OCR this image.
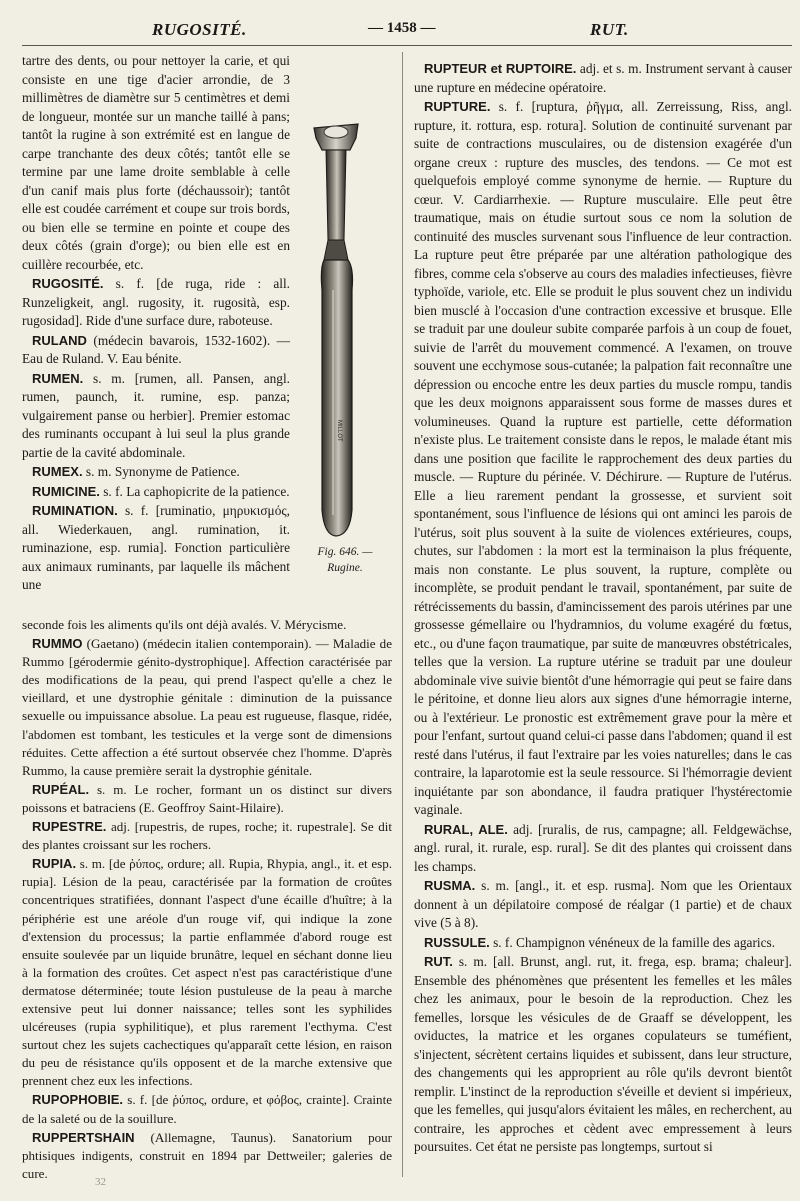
RUGOSITÉ.	— 1458 —	RUT.

tartre des dents, ou pour nettoyer la carie, et qui consiste en une tige d'acier arrondie, de 3 millimètres de diamètre sur 5 centimètres et demi de longueur, montée sur un manche taillé à pans; tantôt la rugine à son extrémité est en langue de carpe tranchante des deux côtés; tantôt elle se termine par une lame droite semblable à celle d'un canif mais plus forte (déchaussoir); tantôt elle est coudée carrément et coupe sur trois bords, ou bien elle se termine en pointe et coupe des deux côtés (grain d'orge); ou bien elle est en cuillère recourbée, etc.

RUGOSITÉ. s. f. [de ruga, ride : all. Runzeligkeit, angl. rugosity, it. rugosità, esp. rugosidad]. Ride d'une surface dure, raboteuse.

RULAND (médecin bavarois, 1532-1602). — Eau de Ruland. V. Eau bénite.

RUMEN. s. m. [rumen, all. Pansen, angl. rumen, paunch, it. rumine, esp. panza; vulgairement panse ou herbier]. Premier estomac des ruminants occupant à lui seul la plus grande partie de la cavité abdominale.

RUMEX. s. m. Synonyme de Patience.

RUMICINE. s. f. La caphopicrite de la patience.

RUMINATION. s. f. [ruminatio, μηρυκισμός, all. Wiederkauen, angl. rumination, it. ruminazione, esp. rumia]. Fonction particulière aux animaux ruminants, par laquelle ils mâchent une

MILLOT
Fig. 646. — Rugine.

seconde fois les aliments qu'ils ont déjà avalés. V. Mérycisme.

RUMMO (Gaetano) (médecin italien contemporain). — Maladie de Rummo [gérodermie génito-dystrophique]. Affection caractérisée par des modifications de la peau, qui prend l'aspect qu'elle a chez le vieillard, et une dystrophie génitale : diminution de la puissance sexuelle ou impuissance absolue. La peau est rugueuse, flasque, ridée, l'abdomen est tombant, les testicules et la verge sont de dimensions réduites. Cette affection a été surtout observée chez l'homme. D'après Rummo, la cause première serait la dystrophie génitale.

RUPÉAL. s. m. Le rocher, formant un os distinct sur divers poissons et batraciens (E. Geoffroy Saint-Hilaire).

RUPESTRE. adj. [rupestris, de rupes, roche; it. rupestrale]. Se dit des plantes croissant sur les rochers.

RUPIA. s. m. [de ῥύπος, ordure; all. Rupia, Rhypia, angl., it. et esp. rupia]. Lésion de la peau, caractérisée par la formation de croûtes concentriques stratifiées, donnant l'aspect d'une écaille d'huître; à la périphérie est une aréole d'un rouge vif, qui indique la zone d'extension du processus; la partie enflammée d'abord rouge est ensuite soulevée par un liquide brunâtre, lequel en séchant donne lieu à la formation des croûtes. Cet aspect n'est pas caractéristique d'une dermatose déterminée; toute lésion pustuleuse de la peau à marche extensive peut lui donner naissance; telles sont les syphilides ulcéreuses (rupia syphilitique), et plus rarement l'ecthyma. C'est surtout chez les sujets cachectiques qu'apparaît cette lésion, en raison du peu de résistance qu'ils opposent et de la marche extensive que prennent chez eux les infections.

RUPOPHOBIE. s. f. [de ῥύπος, ordure, et φόβος, crainte]. Crainte de la saleté ou de la souillure.

RUPPERTSHAIN (Allemagne, Taunus). Sanatorium pour phtisiques indigents, construit en 1894 par Dettweiler; galeries de cure.

RUPTEUR et RUPTOIRE. adj. et s. m. Instrument servant à causer une rupture en médecine opératoire.

RUPTURE. s. f. [ruptura, ῥῆγμα, all. Zerreissung, Riss, angl. rupture, it. rottura, esp. rotura]. Solution de continuité survenant par suite de contractions musculaires, ou de distension exagérée d'un organe creux : rupture des muscles, des tendons. — Ce mot est quelquefois employé comme synonyme de hernie. — Rupture du cœur. V. Cardiarrhexie. — Rupture musculaire. Elle peut être traumatique, mais on étudie surtout sous ce nom la solution de continuité des muscles survenant sous l'influence de leur contraction. La rupture peut être préparée par une altération pathologique des fibres, comme cela s'observe au cours des maladies infectieuses, fièvre typhoïde, variole, etc. Elle se produit le plus souvent chez un individu bien musclé à l'occasion d'une contraction excessive et brusque. Elle se traduit par une douleur subite comparée parfois à un coup de fouet, suivie de l'arrêt du mouvement commencé. A l'examen, on trouve souvent une ecchymose sous-cutanée; la palpation fait reconnaître une dépression ou encoche entre les deux parties du muscle rompu, tandis que les deux moignons apparaissent sous forme de masses dures et volumineuses. Quand la rupture est partielle, cette déformation n'existe plus. Le traitement consiste dans le repos, le malade étant mis dans une position que facilite le rapprochement des deux parties du muscle. — Rupture du périnée. V. Déchirure. — Rupture de l'utérus. Elle a lieu rarement pendant la grossesse, et survient soit spontanément, sous l'influence de lésions qui ont aminci les parois de l'utérus, soit plus souvent à la suite de violences extérieures, coups, chutes, sur l'abdomen : la mort est la terminaison la plus fréquente, mais non constante. Le plus souvent, la rupture, complète ou incomplète, se produit pendant le travail, spontanément, par suite de rétrécissements du bassin, d'amincissement des parois utérines par une grossesse gémellaire ou l'hydramnios, du volume exagéré du fœtus, etc., ou d'une façon traumatique, par suite de manœuvres obstétricales, telles que la version. La rupture utérine se traduit par une douleur abdominale vive suivie bientôt d'une hémorragie qui peut se faire dans le péritoine, et donne lieu alors aux signes d'une hémorragie interne, ou à l'extérieur. Le pronostic est extrêmement grave pour la mère et pour l'enfant, surtout quand celui-ci passe dans l'abdomen; quand il est resté dans l'utérus, il faut l'extraire par les voies naturelles; dans le cas contraire, la laparotomie est la seule ressource. Si l'hémorragie devient inquiétante par son abondance, il faudra pratiquer l'hystérectomie vaginale.

RURAL, ALE. adj. [ruralis, de rus, campagne; all. Feldgewächse, angl. rural, it. rurale, esp. rural]. Se dit des plantes qui croissent dans les champs.

RUSMA. s. m. [angl., it. et esp. rusma]. Nom que les Orientaux donnent à un dépilatoire composé de réalgar (1 partie) et de chaux vive (5 à 8).

RUSSULE. s. f. Champignon vénéneux de la famille des agarics.

RUT. s. m. [all. Brunst, angl. rut, it. frega, esp. brama; chaleur]. Ensemble des phénomènes que présentent les femelles et les mâles chez les animaux, pour le besoin de la reproduction. Chez les femelles, lorsque les vésicules de de Graaff se développent, les oviductes, la matrice et les organes copulateurs se tuméfient, s'injectent, sécrètent certains liquides et subissent, dans leur structure, des changements qui les approprient au rôle qu'ils devront bientôt remplir. L'instinct de la reproduction s'éveille et devient si impérieux, que les femelles, qui jusqu'alors évitaient les mâles, en recherchent, au contraire, les approches et cèdent avec empressement à leurs poursuites. Cet état ne persiste pas longtemps, surtout si

32
